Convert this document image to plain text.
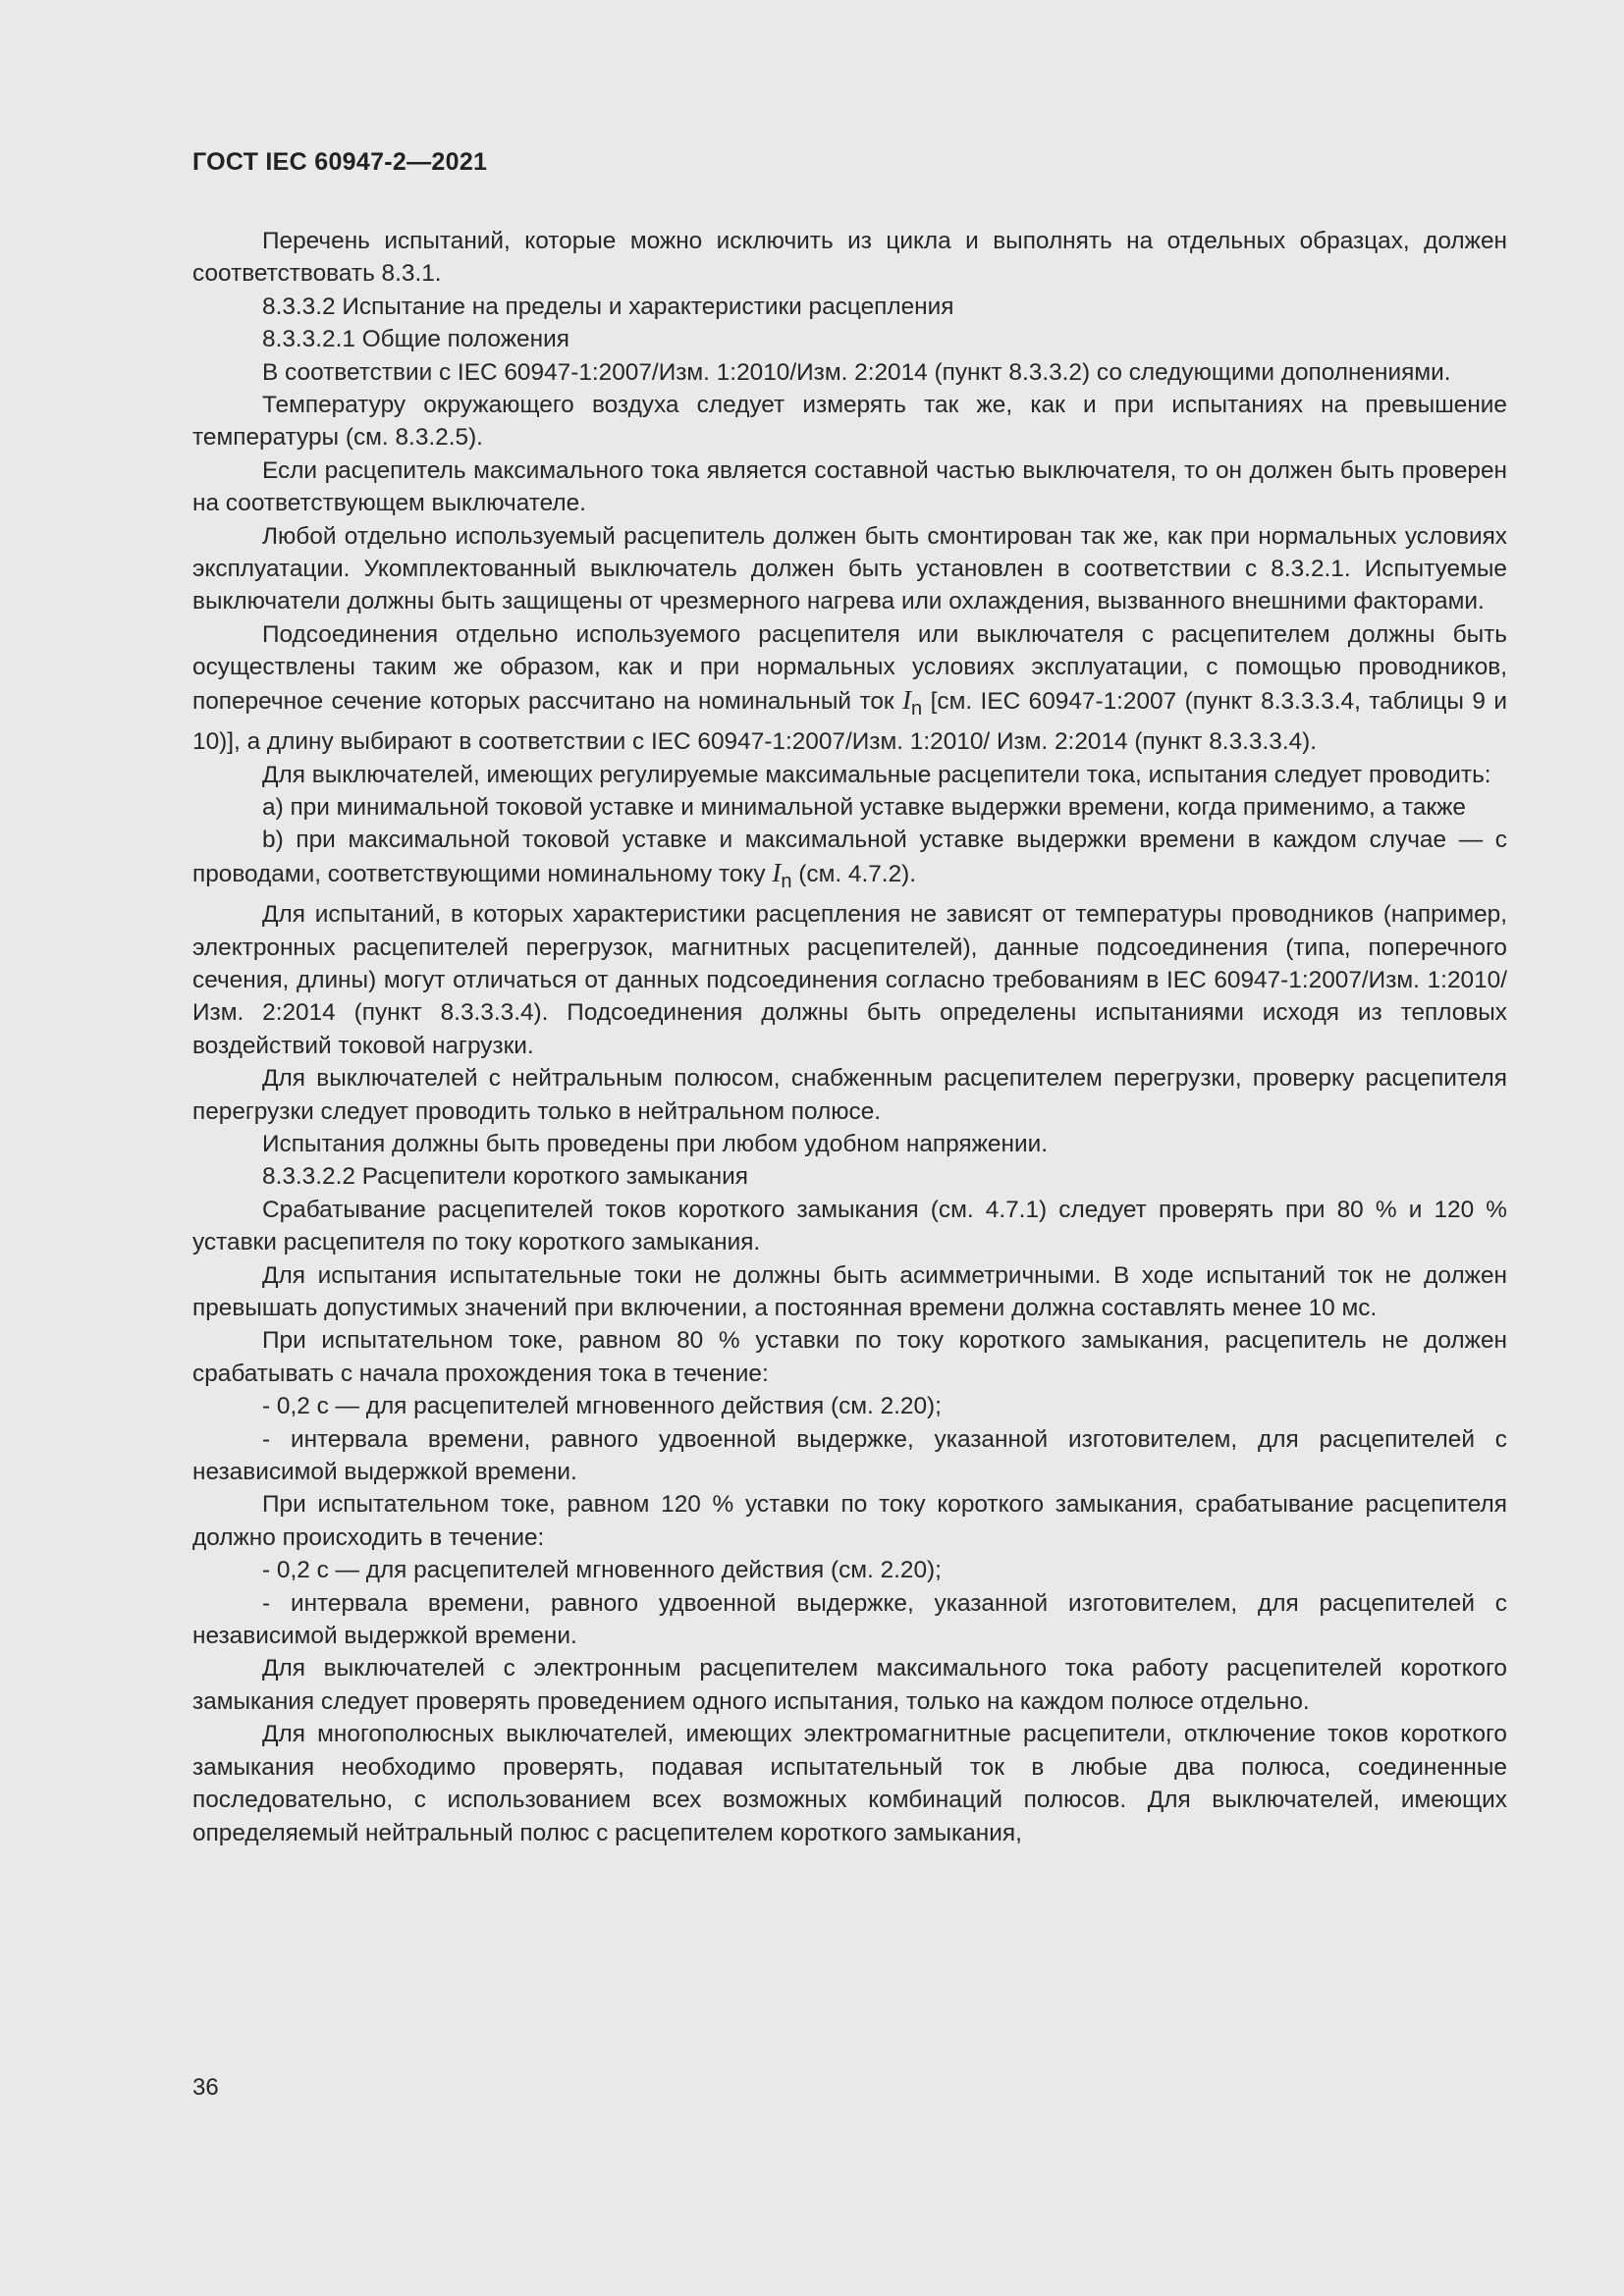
ГОСТ IEC 60947-2—2021

Перечень испытаний, которые можно исключить из цикла и выполнять на отдельных образцах, должен соответствовать 8.3.1.

8.3.3.2 Испытание на пределы и характеристики расцепления

8.3.3.2.1 Общие положения

В соответствии с IEC 60947-1:2007/Изм. 1:2010/Изм. 2:2014 (пункт 8.3.3.2) со следующими дополнениями.

Температуру окружающего воздуха следует измерять так же, как и при испытаниях на превышение температуры (см. 8.3.2.5).

Если расцепитель максимального тока является составной частью выключателя, то он должен быть проверен на соответствующем выключателе.

Любой отдельно используемый расцепитель должен быть смонтирован так же, как при нормальных условиях эксплуатации. Укомплектованный выключатель должен быть установлен в соответствии с 8.3.2.1. Испытуемые выключатели должны быть защищены от чрезмерного нагрева или охлаждения, вызванного внешними факторами.

Подсоединения отдельно используемого расцепителя или выключателя с расцепителем должны быть осуществлены таким же образом, как и при нормальных условиях эксплуатации, с помощью проводников, поперечное сечение которых рассчитано на номинальный ток $I_n$ [см. IEC 60947-1:2007 (пункт 8.3.3.3.4, таблицы 9 и 10)], а длину выбирают в соответствии с IEC 60947-1:2007/Изм. 1:2010/ Изм. 2:2014 (пункт 8.3.3.3.4).

Для выключателей, имеющих регулируемые максимальные расцепители тока, испытания следует проводить:

a) при минимальной токовой уставке и минимальной уставке выдержки времени, когда применимо, а также

b) при максимальной токовой уставке и максимальной уставке выдержки времени в каждом случае — с проводами, соответствующими номинальному току $I_n$ (см. 4.7.2).

Для испытаний, в которых характеристики расцепления не зависят от температуры проводников (например, электронных расцепителей перегрузок, магнитных расцепителей), данные подсоединения (типа, поперечного сечения, длины) могут отличаться от данных подсоединения согласно требованиям в IEC 60947-1:2007/Изм. 1:2010/Изм. 2:2014 (пункт 8.3.3.3.4). Подсоединения должны быть определены испытаниями исходя из тепловых воздействий токовой нагрузки.

Для выключателей с нейтральным полюсом, снабженным расцепителем перегрузки, проверку расцепителя перегрузки следует проводить только в нейтральном полюсе.

Испытания должны быть проведены при любом удобном напряжении.

8.3.3.2.2 Расцепители короткого замыкания

Срабатывание расцепителей токов короткого замыкания (см. 4.7.1) следует проверять при 80 % и 120 % уставки расцепителя по току короткого замыкания.

Для испытания испытательные токи не должны быть асимметричными. В ходе испытаний ток не должен превышать допустимых значений при включении, а постоянная времени должна составлять менее 10 мс.

При испытательном токе, равном 80 % уставки по току короткого замыкания, расцепитель не должен срабатывать с начала прохождения тока в течение:

- 0,2 с — для расцепителей мгновенного действия (см. 2.20);

- интервала времени, равного удвоенной выдержке, указанной изготовителем, для расцепителей с независимой выдержкой времени.

При испытательном токе, равном 120 % уставки по току короткого замыкания, срабатывание расцепителя должно происходить в течение:

- 0,2 с — для расцепителей мгновенного действия (см. 2.20);

- интервала времени, равного удвоенной выдержке, указанной изготовителем, для расцепителей с независимой выдержкой времени.

Для выключателей с электронным расцепителем максимального тока работу расцепителей короткого замыкания следует проверять проведением одного испытания, только на каждом полюсе отдельно.

Для многополюсных выключателей, имеющих электромагнитные расцепители, отключение токов короткого замыкания необходимо проверять, подавая испытательный ток в любые два полюса, соединенные последовательно, с использованием всех возможных комбинаций полюсов. Для выключателей, имеющих определяемый нейтральный полюс с расцепителем короткого замыкания,

36
